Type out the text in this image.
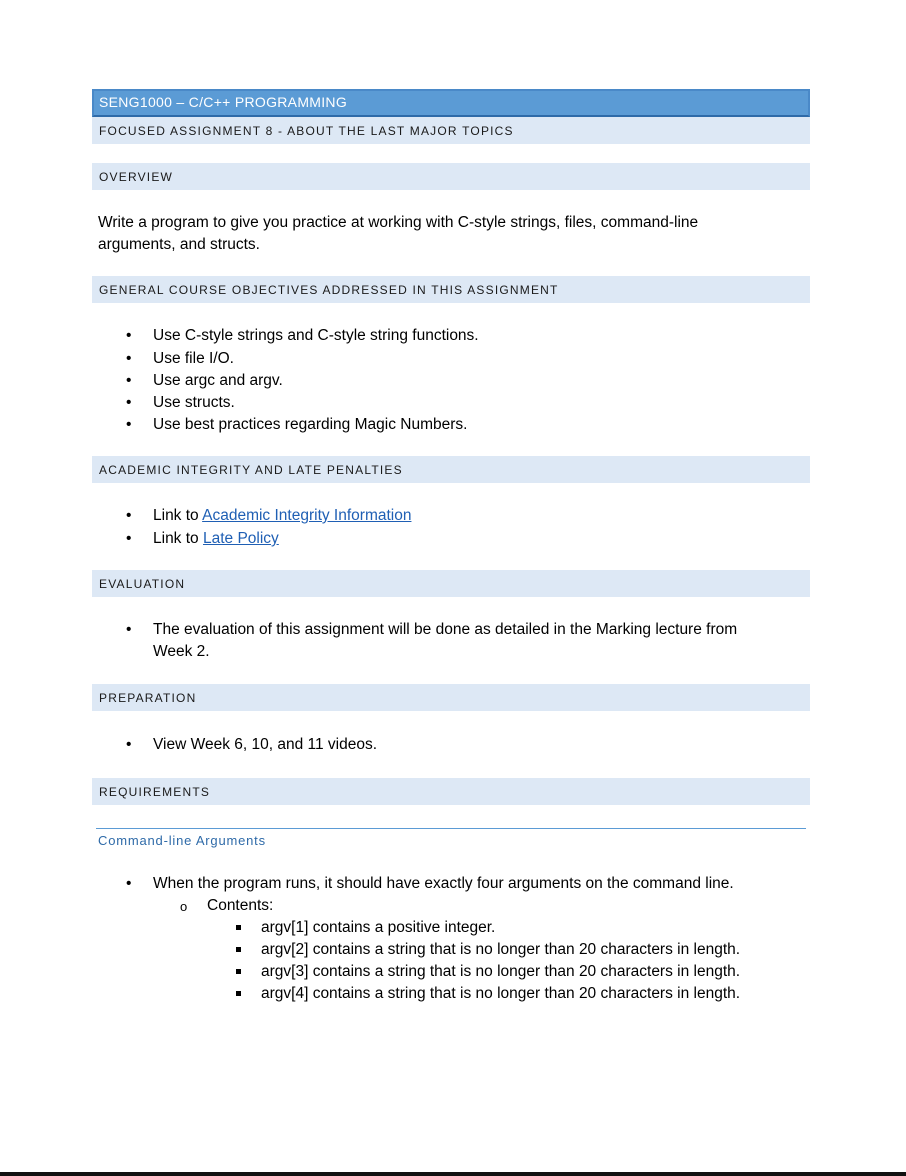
SENG1000 – C/C++ PROGRAMMING
FOCUSED ASSIGNMENT 8 - ABOUT THE LAST MAJOR TOPICS
OVERVIEW
Write a program to give you practice at working with C-style strings, files, command-line
arguments, and structs.
GENERAL COURSE OBJECTIVES ADDRESSED IN THIS ASSIGNMENT
• Use C-style strings and C-style string functions.
• Use file I/O.
• Use argc and argv.
• Use structs.
• Use best practices regarding Magic Numbers.
ACADEMIC INTEGRITY AND LATE PENALTIES
• Link to Academic Integrity Information
• Link to Late Policy
EVALUATION
• The evaluation of this assignment will be done as detailed in the Marking lecture from
Week 2.
PREPARATION
• View Week 6, 10, and 11 videos.
REQUIREMENTS
Command-line Arguments
• When the program runs, it should have exactly four arguments on the command line.
o Contents:
argv[1] contains a positive integer.
argv[2] contains a string that is no longer than 20 characters in length.
argv[3] contains a string that is no longer than 20 characters in length.
argv[4] contains a string that is no longer than 20 characters in length.
